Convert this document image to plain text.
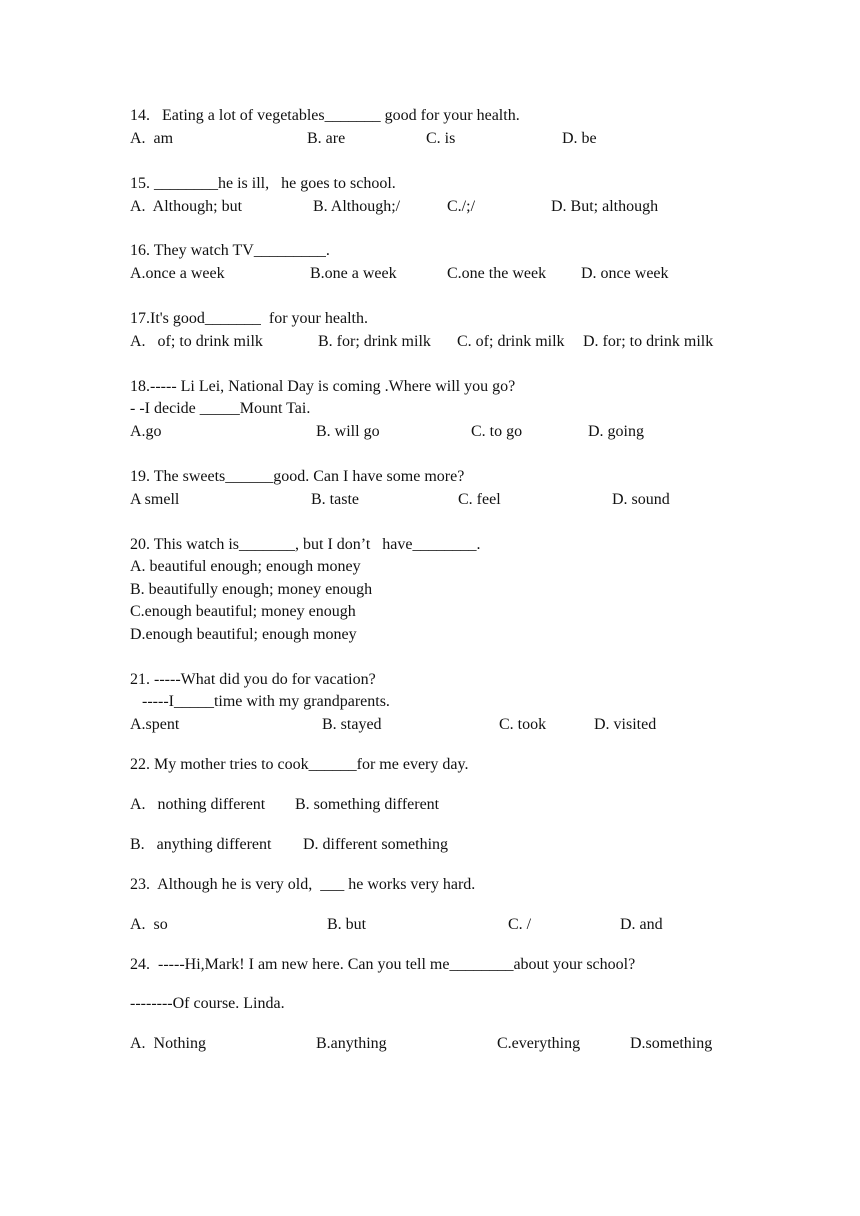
14.   Eating a lot of vegetables_______ good for your health.
A.  am	B. are	C. is	D. be
15. ________he is ill,   he goes to school.
A.  Although; but	B. Although;/	C./;/	D. But; although
16. They watch TV_________.
A.once a week	B.one a week	C.one the week D. once week
17.It's good_______  for your health.
A.   of; to drink milk	B. for; drink milk C. of; drink milk D. for; to drink milk
18.----- Li Lei, National Day is coming .Where will you go?
- -I decide _____Mount Tai.
A.go	B. will go	C. to go	D. going
19. The sweets______good. Can I have some more?
A smell	B. taste	C. feel	D. sound
20. This watch is_______, but I don’t   have________.
A. beautiful enough; enough money
B. beautifully enough; money enough
C.enough beautiful; money enough
D.enough beautiful; enough money
21. -----What did you do for vacation?
-----I_____time with my grandparents.
A.spent	B. stayed	C. took	D. visited
22. My mother tries to cook______for me every day.
A.   nothing different B. something different
B.   anything different D. different something
23.  Although he is very old,  ___ he works very hard.
A.  so	B. but	C. /	D. and
24.  -----Hi,Mark! I am new here. Can you tell me________about your school?
--------Of course. Linda.
A.  Nothing	B.anything	C.everything	D.something
